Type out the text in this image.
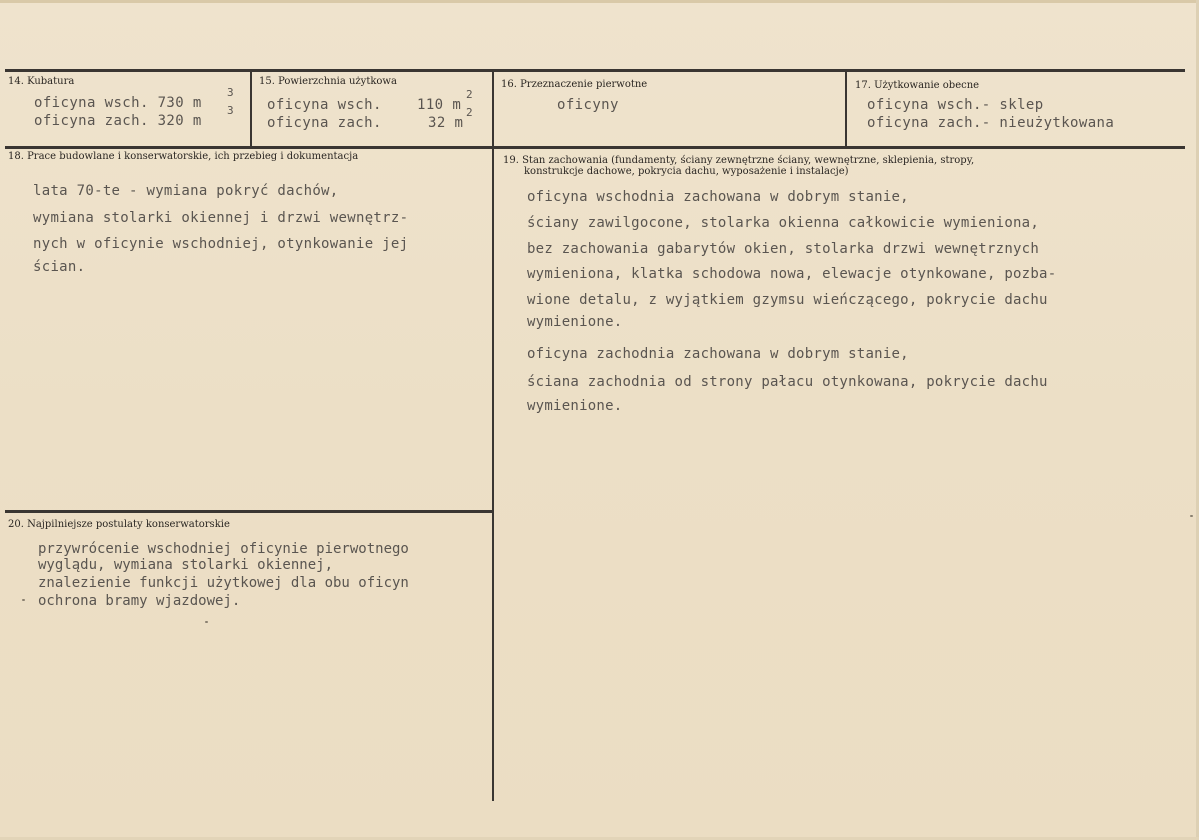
14. Kubatura
oficyna wsch. 730 m
3
oficyna zach. 320 m
3
15. Powierzchnia użytkowa
oficyna wsch.	110 m
2
oficyna zach.	32 m
2
16. Przeznaczenie pierwotne
oficyny
17. Użytkowanie obecne
oficyna wsch.- sklep
oficyna zach.- nieużytkowana
18. Prace budowlane i konserwatorskie, ich przebieg i dokumentacja
lata 70-te - wymiana pokryć dachów,
wymiana stolarki okiennej i drzwi wewnętrz-
nych w oficynie wschodniej, otynkowanie jej
ścian.
19. Stan zachowania (fundamenty, ściany zewnętrzne ściany, wewnętrzne, sklepienia, stropy,
konstrukcje dachowe, pokrycia dachu, wyposażenie i instalacje)
oficyna wschodnia zachowana w dobrym stanie,
ściany zawilgocone, stolarka okienna całkowicie wymieniona,
bez zachowania gabarytów okien, stolarka drzwi wewnętrznych
wymieniona, klatka schodowa nowa, elewacje otynkowane, pozba-
wione detalu, z wyjątkiem gzymsu wieńczącego, pokrycie dachu
wymienione.
oficyna zachodnia zachowana w dobrym stanie,
ściana zachodnia od strony pałacu otynkowana, pokrycie dachu
wymienione.
20. Najpilniejsze postulaty konserwatorskie
przywrócenie wschodniej oficynie pierwotnego
wyglądu, wymiana stolarki okiennej,
znalezienie funkcji użytkowej dla obu oficyn
ochrona bramy wjazdowej.
